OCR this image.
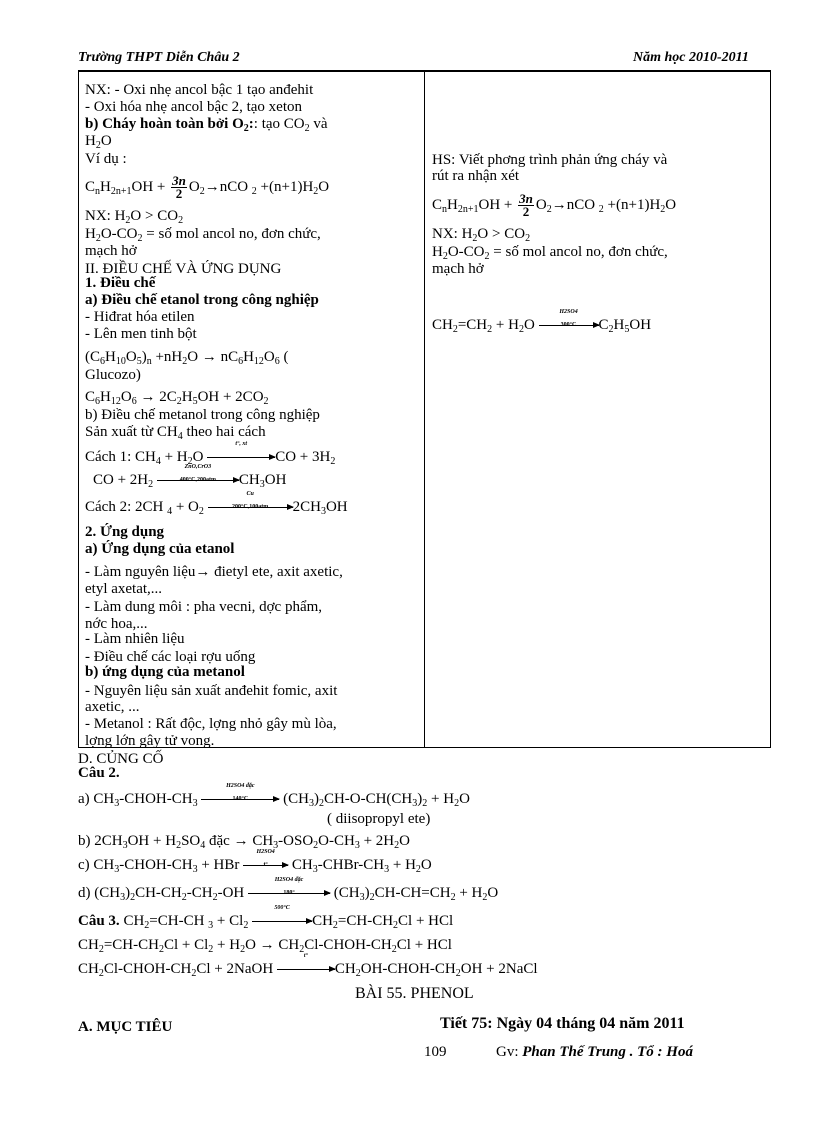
Trường THPT Diễn Châu 2	Năm học 2010-2011
NX: - Oxi nhẹ ancol bậc 1 tạo anđehit
- Oxi hóa nhẹ ancol bậc 2, tạo xeton
b) Cháy hoàn toàn bởi $O_2$:: tạo $CO_2$ và
$H_2O$
Ví dụ :
$C_nH_{2n+1}OH + \frac{3n}{2} O_2\to nCO$ $_2 +(n+1)H_2O$
NX: $H_2O > CO_2$
$H_2O-CO_2$ = số mol ancol no, đơn chức,
mạch hở
II. ĐIỀU CHẾ VÀ ỨNG DỤNG
1. Điều chế
a) Điều chế etanol trong công nghiệp
- Hiđrat hóa etilen
- Lên men tinh bột
$(C_6H_{10}O_5)_n +nH_2O \to nC_6H_{12}O_6$ (
Glucozo)
$C_6H_{12}O_6 \to 2C_2H_5OH + 2CO_2$
b) Điều chế metanol trong công nghiệp
Sản xuất từ $CH_4$ theo hai cách
Cách 1: $CH_4 + H_2O$
t°, xt
CO + $3H_2$
CO + $2H_2$
ZnO,CrO3
400°C,200atm	$CH_3OH$
Cách 2: 2CH $_4 + O_2$
Cu
200°C,100atm	$2CH_3OH$
2. Ứng dụng
a) Ứng dụng của etanol
- Làm nguyên liệu→ đietyl ete, axit axetic,
etyl axetat,...
- Làm dung môi : pha vecni, dợc phẩm,
nớc hoa,...
- Làm nhiên liệu
- Điều chế các loại rợu uống
b) ứng dụng của metanol
- Nguyên liệu sản xuất anđehit fomic, axit
axetic, ...
- Metanol : Rất độc, lợng nhỏ gây mù lòa,
lợng lớn gây tử vong.
HS: Viết phơng trình phản ứng cháy và
rút ra nhận xét
$C_nH_{2n+1}OH + \frac{3n}{2} O_2\to nCO$ $_2 +(n+1)H_2O$
NX: $H_2O > CO_2$
$H_2O-CO_2$ = số mol ancol no, đơn chức,
mạch hở
$CH_2=CH_2 + H_2O$
H2SO4
300°C	$C_2H_5OH$
D. CỦNG CỐ
Câu 2.
a) $CH_3-CHOH-CH_3$
H2SO4 đặc
140°C	$(CH_3)_2CH-O-CH(CH_3)_2 + H_2O$
( diisopropyl ete)
b) $2CH_3OH + H_2SO_4$ đặc → $CH_3-OSO_2O-CH_3 + 2H_2O$
c) $CH_3-CHOH-CH_3$ + HBr
H2SO4
t°	$CH_3-CHBr-CH_3 + H_2O$
d) $(CH_3)_2CH-CH_2-CH_2-OH$
H2SO4 đặc
180°	$(CH_3)_2CH-CH=CH_2 + H_2O$
Câu 3. $CH_2=CH-CH$ $_3 + Cl_2$
500°C
$CH_2=CH-CH_2Cl$ + HCl
$CH_2=CH-CH_2Cl + Cl_2 + H_2O$ → $CH_2Cl-CHOH-CH_2Cl$ + HCl
$CH_2Cl-CHOH-CH_2Cl$ + 2NaOH
t°
$CH_2OH-CHOH-CH_2OH$ + 2NaCl
BÀI 55. PHENOL
A. MỤC TIÊU	Tiết 75: Ngày 04 tháng 04 năm 2011
109	Gv: Phan Thế Trung . Tổ : Hoá
